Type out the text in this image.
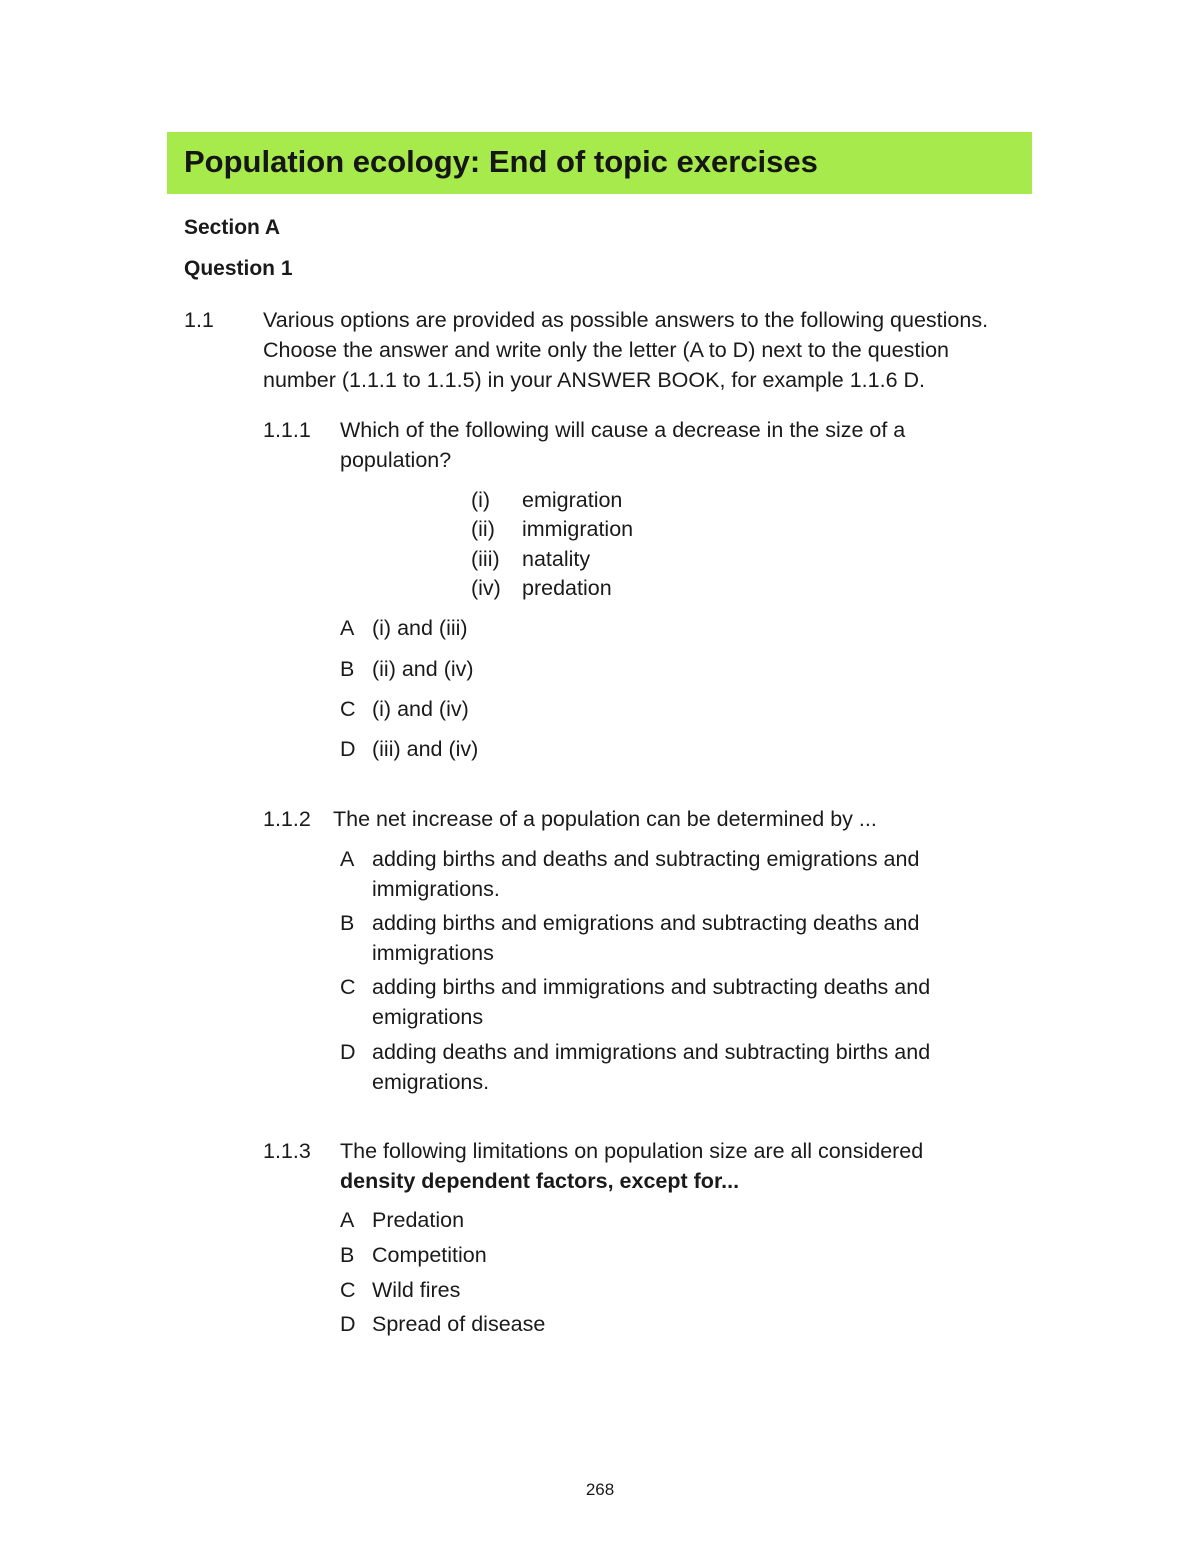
Population ecology: End of topic exercises
Section A
Question 1
1.1 Various options are provided as possible answers to the following questions.
Choose the answer and write only the letter (A to D) next to the question
number (1.1.1 to 1.1.5) in your ANSWER BOOK, for example 1.1.6 D.
1.1.1 Which of the following will cause a decrease in the size of a
population?
(i) emigration
(ii) immigration
(iii) natality
(iv) predation
A (i) and (iii)
B (ii) and (iv)
C (i) and (iv)
D (iii) and (iv)
1.1.2 The net increase of a population can be determined by ...
A adding births and deaths and subtracting emigrations and
immigrations.
B adding births and emigrations and subtracting deaths and
immigrations
C adding births and immigrations and subtracting deaths and
emigrations
D adding deaths and immigrations and subtracting births and
emigrations.
1.1.3 The following limitations on population size are all considered
density dependent factors, except for...
A Predation
B Competition
C Wild fires
D Spread of disease
268
